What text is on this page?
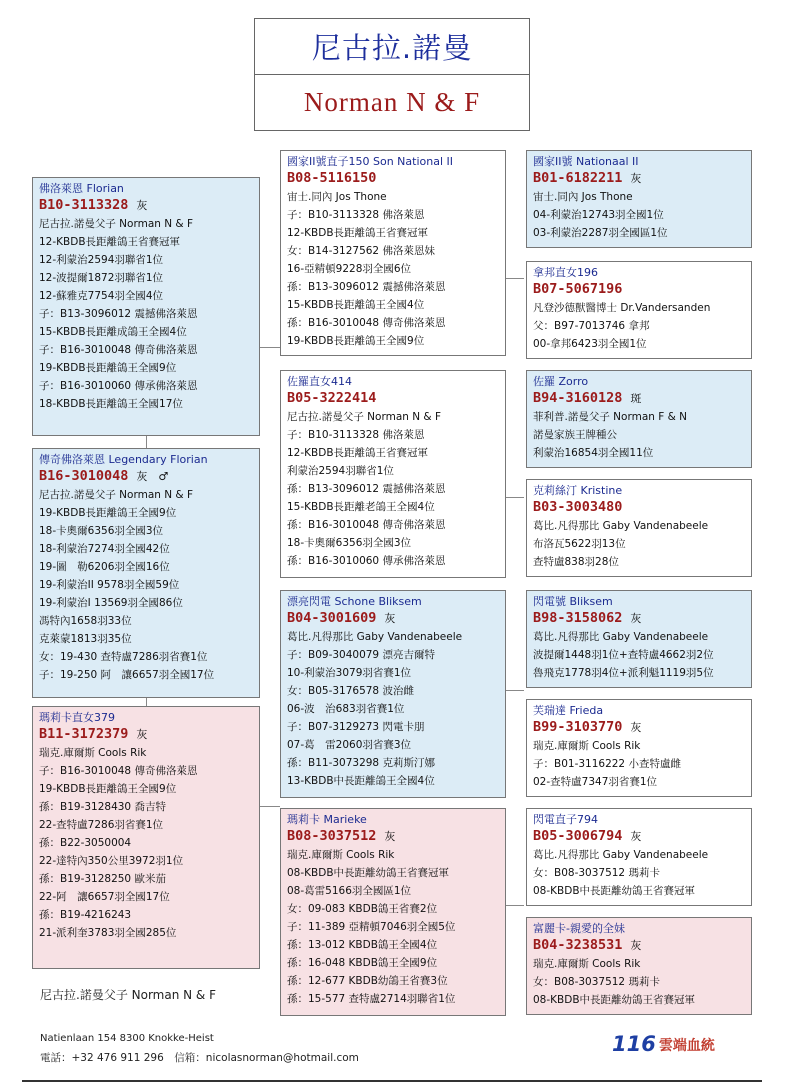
尼古拉.諾曼
Norman N & F
佛洛萊恩 Florian
B10-3113328 灰
尼古拉.諾曼父子 Norman N & F
12-KBDB長距離鴿王省賽冠軍
12-利蒙治2594羽聯省1位
12-波提爾1872羽聯省1位
12-蘇雅克7754羽全國4位
子：B13-3096012 震撼佛洛萊恩
15-KBDB長距離成鴿王全國4位
子：B16-3010048 傳奇佛洛萊恩
19-KBDB長距離鴿王全國9位
子：B16-3010060 傳承佛洛萊恩
18-KBDB長距離鴿王全國17位
傳奇佛洛萊恩 Legendary Florian
B16-3010048 灰　♂
尼古拉.諾曼父子 Norman N & F
19-KBDB長距離鴿王全國9位
18-卡奧爾6356羽全國3位
18-利蒙治7274羽全國42位
19-圖　勒6206羽全國16位
19-利蒙治II 9578羽全國59位
19-利蒙治I 13569羽全國86位
馮特內1658羽33位
克萊蒙1813羽35位
女：19-430 查特盧7286羽省賽1位
子：19-250 阿　讓6657羽全國17位
瑪莉卡直女379
B11-3172379 灰
瑞克.庫爾斯 Cools Rik
子：B16-3010048 傳奇佛洛萊恩
19-KBDB長距離鴿王全國9位
孫：B19-3128430 喬吉特
22-查特盧7286羽省賽1位
孫：B22-3050004
22-達特內350公里3972羽1位
孫：B19-3128250 歐米茄
22-阿　讓6657羽全國17位
孫：B19-4216243
21-派利奎3783羽全國285位
國家II號直子150 Son National II
B08-5116150
宙士.同內 Jos Thone
子：B10-3113328 佛洛萊恩
12-KBDB長距離鴿王省賽冠軍
女：B14-3127562 佛洛萊恩妹
16-亞精頓9228羽全國6位
孫：B13-3096012 震撼佛洛萊恩
15-KBDB長距離鴿王全國4位
孫：B16-3010048 傳奇佛洛萊恩
19-KBDB長距離鴿王全國9位
佐羅直女414
B05-3222414
尼古拉.諾曼父子 Norman N & F
子：B10-3113328 佛洛萊恩
12-KBDB長距離鴿王省賽冠軍
利蒙治2594羽聯省1位
孫：B13-3096012 震撼佛洛萊恩
15-KBDB長距離老鴿王全國4位
孫：B16-3010048 傳奇佛洛萊恩
18-卡奧爾6356羽全國3位
孫：B16-3010060 傳承佛洛萊恩
漂亮閃電 Schone Bliksem
B04-3001609 灰
葛比.凡得那比 Gaby Vandenabeele
子：B09-3040079 漂亮吉爾特
10-利蒙治3079羽省賽1位
女：B05-3176578 波治雌
06-波　治683羽省賽1位
子：B07-3129273 閃電卡朋
07-葛　雷2060羽省賽3位
孫：B11-3073298 克莉斯汀娜
13-KBDB中長距離鴿王全國4位
瑪莉卡 Marieke
B08-3037512 灰
瑞克.庫爾斯 Cools Rik
08-KBDB中長距離幼鴿王省賽冠軍
08-葛雷5166羽全國區1位
女：09-083 KBDB鴿王省賽2位
子：11-389 亞精頓7046羽全國5位
孫：13-012 KBDB鴿王全國4位
孫：16-048 KBDB鴿王全國9位
孫：12-677 KBDB幼鴿王省賽3位
孫：15-577 查特盧2714羽聯省1位
國家II號 Nationaal II
B01-6182211 灰
宙士.同內 Jos Thone
04-利蒙治12743羽全國1位
03-利蒙治2287羽全國區1位
拿邦直女196
B07-5067196
凡登沙德獸醫博士 Dr.Vandersanden
父：B97-7013746 拿邦
00-拿邦6423羽全國1位
佐羅 Zorro
B94-3160128 斑
菲利普.諾曼父子 Norman F & N
諾曼家族王牌種公
利蒙治16854羽全國11位
克莉絲汀 Kristine
B03-3003480
葛比.凡得那比 Gaby Vandenabeele
布洛瓦5622羽13位
查特盧838羽28位
閃電號 Bliksem
B98-3158062 灰
葛比.凡得那比 Gaby Vandenabeele
波提爾1448羽1位+查特盧4662羽2位
魯飛克1778羽4位+派利魁1119羽5位
芙瑞達 Frieda
B99-3103770 灰
瑞克.庫爾斯 Cools Rik
子：B01-3116222 小查特盧雌
02-查特盧7347羽省賽1位
閃電直子794
B05-3006794 灰
葛比.凡得那比 Gaby Vandenabeele
女：B08-3037512 瑪莉卡
08-KBDB中長距離幼鴿王省賽冠軍
富麗卡-親愛的全妹
B04-3238531 灰
瑞克.庫爾斯 Cools Rik
女：B08-3037512 瑪莉卡
08-KBDB中長距離幼鴿王省賽冠軍
尼古拉.諾曼父子 Norman N & F
Natienlaan 154 8300 Knokke-Heist
電話：+32 476 911 296　信箱：nicolasnorman@hotmail.com
116 雲端血統
